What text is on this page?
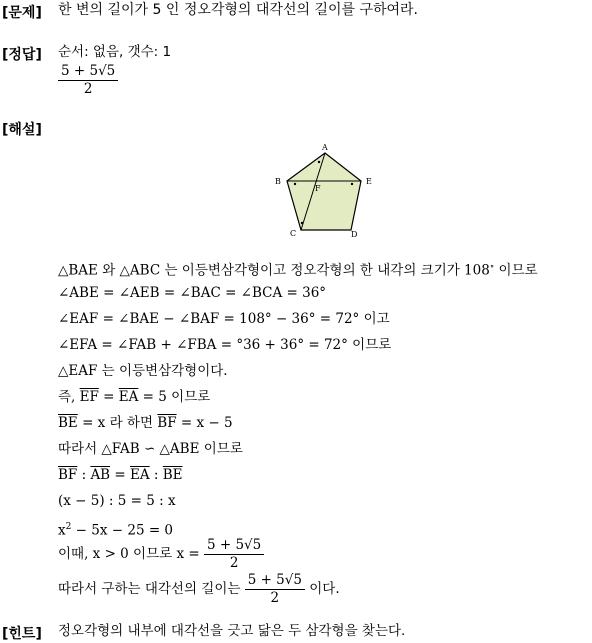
[문제] 한 변의 길이가 5 인 정오각형의 대각선의 길이를 구하여라.
[정답] 순서: 없음, 갯수: 1
$\frac{5 + 5√5}{2}$
[해설]
A
B
C	D
E
F
△BAE 와 △ABC 는 이등변삼각형이고 정오각형의 한 내각의 크기가 108∘ 이므로
∠ABE = ∠AEB = ∠BAC = ∠BCA = 36°
∠EAF = ∠BAE − ∠BAF = 108° − 36° = 72° 이고
∠EFA = ∠FAB + ∠FBA = °36 + 36° = 72° 이므로
△EAF 는 이등변삼각형이다.
즉, $\overline{EF} = \overline{EA} = 5$ 이므로
$\overline{BE} = x$ 라 하면 $\overline{BF} = x - 5$
따라서 △FAB ∽ △ABE 이므로
$\overline{BF}$ : $\overline{AB} = \overline{EA}$ : $\overline{BE}$
(x − 5) : 5 = 5 : x
$x^2 - 5x - 25 = 0$
이때, x > 0 이므로 $x = \frac{5 + 5√5}{2}$
따라서 구하는 대각선의 길이는 $\frac{5 + 5√5}{2}$ 이다.
[힌트] 정오각형의 내부에 대각선을 긋고 닮은 두 삼각형을 찾는다.
